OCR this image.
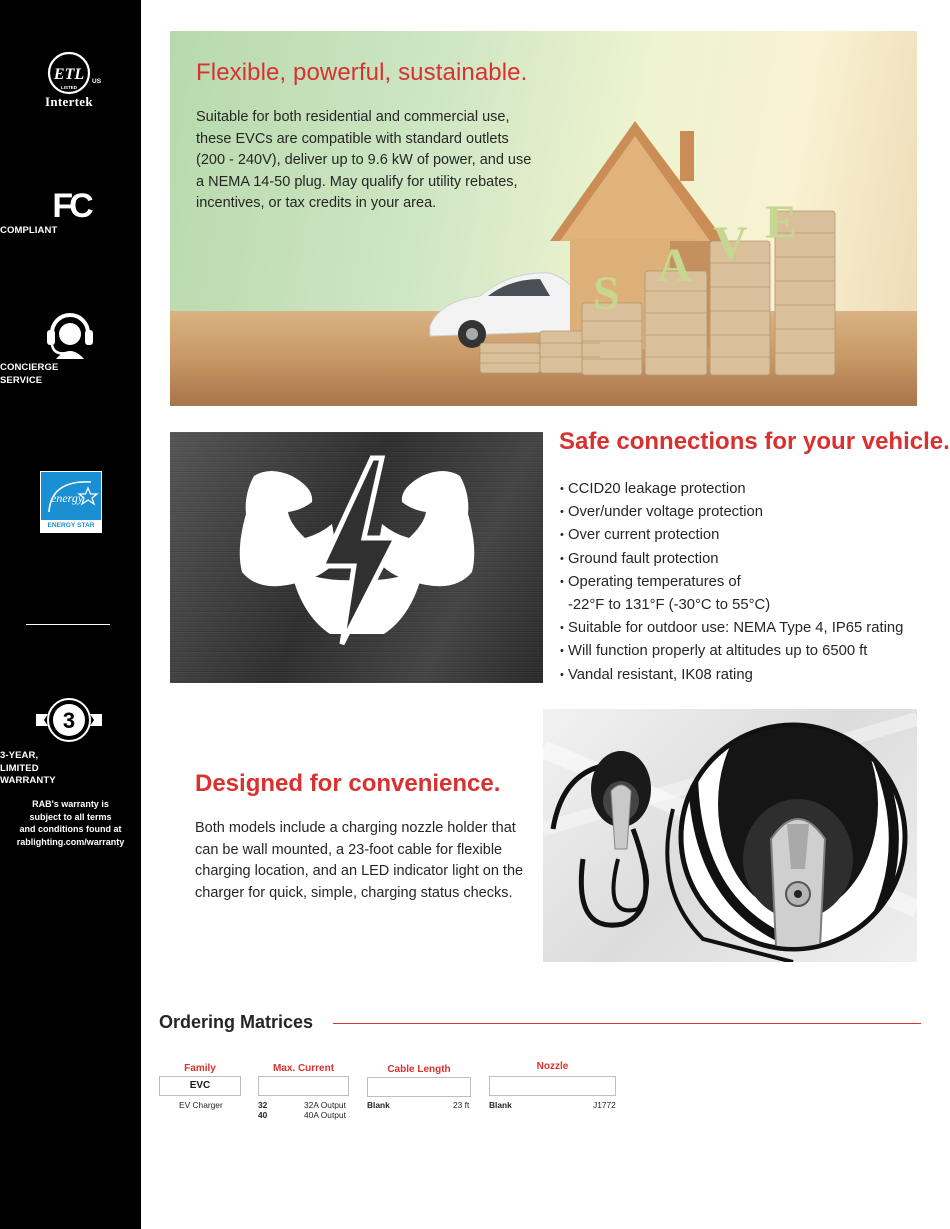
ETL
LISTED
US
Intertek
FC
COMPLIANT
CONCIERGE
SERVICE
energy
ENERGY STAR
3
3-YEAR,
LIMITED
WARRANTY
RAB's warranty is
subject to all terms
and conditions found at
rablighting.com/warranty
S
A V E
Flexible, powerful, sustainable.

Suitable for both residential and commercial use, these EVCs are compatible with standard outlets (200 - 240V), deliver up to 9.6 kW of power, and use a NEMA 14-50 plug. May qualify for utility rebates, incentives, or tax credits in your area.

Safe connections for your vehicle.
• CCID20 leakage protection
• Over/under voltage protection
• Over current protection
• Ground fault protection
• Operating temperatures of
-22°F to 131°F (-30°C to 55°C)
• Suitable for outdoor use: NEMA Type 4, IP65 rating
• Will function properly at altitudes up to 6500 ft
• Vandal resistant, IK08 rating
Designed for convenience.

Both models include a charging nozzle holder that can be wall mounted, a 23-foot cable for flexible charging location, and an LED indicator light on the charger for quick, simple, charging status checks.

Ordering Matrices
Family
EVC
EV Charger
Max. Current
32	32A Output
40	40A Output
Cable Length
Blank	23 ft
Nozzle
Blank	J1772
